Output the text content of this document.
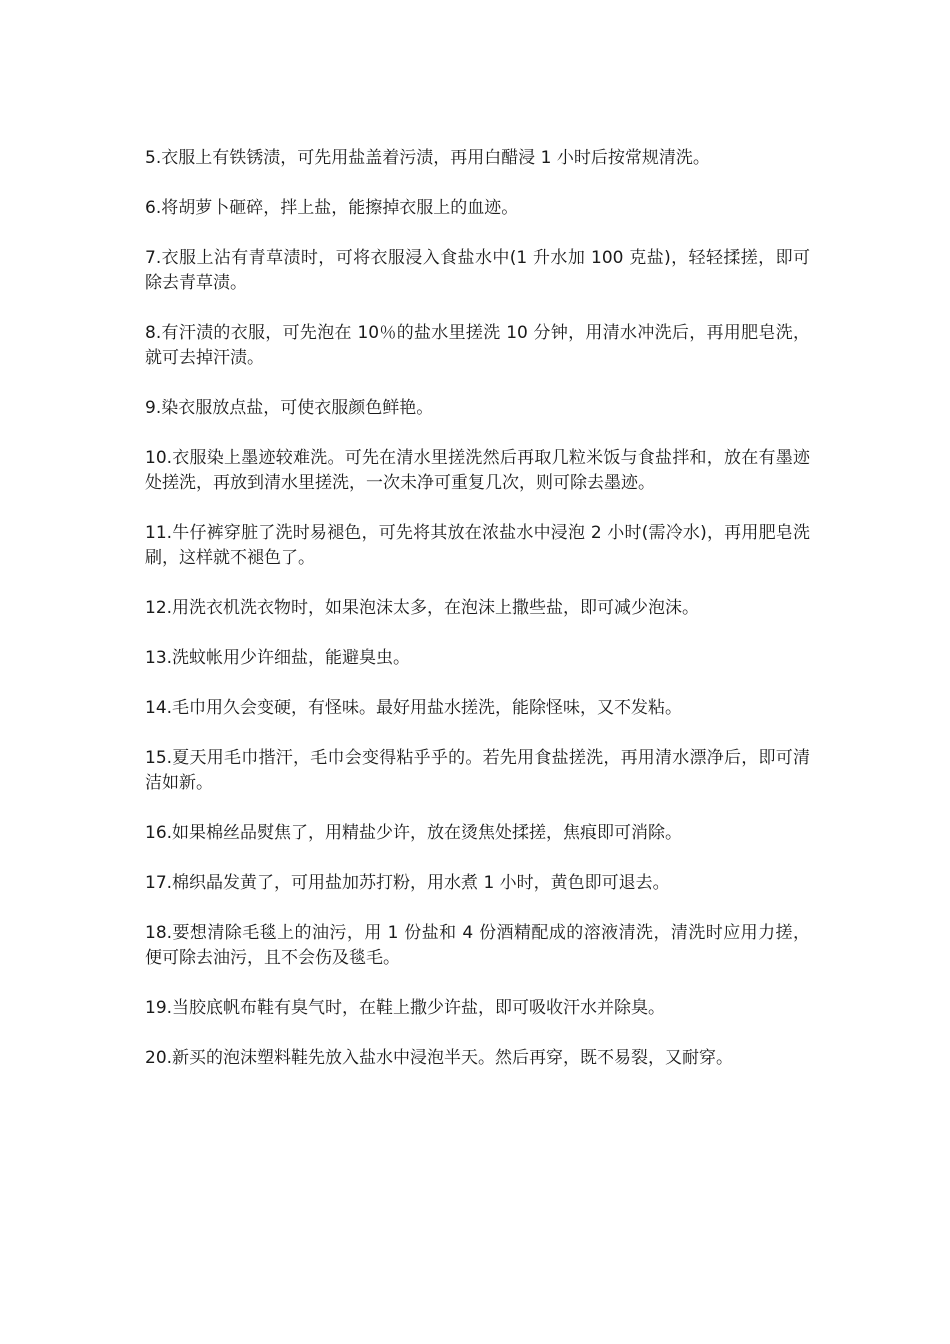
5.衣服上有铁锈渍，可先用盐盖着污渍，再用白醋浸 1 小时后按常规清洗。

6.将胡萝卜砸碎，拌上盐，能擦掉衣服上的血迹。

7.衣服上沾有青草渍时，可将衣服浸入食盐水中(1 升水加 100 克盐)，轻轻揉搓，即可除去青草渍。

8.有汗渍的衣服，可先泡在 10％的盐水里搓洗 10 分钟，用清水冲洗后，再用肥皂洗，就可去掉汗渍。

9.染衣服放点盐，可使衣服颜色鲜艳。

10.衣服染上墨迹较难洗。可先在清水里搓洗然后再取几粒米饭与食盐拌和，放在有墨迹处搓洗，再放到清水里搓洗，一次未净可重复几次，则可除去墨迹。

11.牛仔裤穿脏了洗时易褪色，可先将其放在浓盐水中浸泡 2 小时(需冷水)，再用肥皂洗刷，这样就不褪色了。

12.用洗衣机洗衣物时，如果泡沫太多，在泡沫上撒些盐，即可减少泡沫。

13.洗蚊帐用少许细盐，能避臭虫。

14.毛巾用久会变硬，有怪味。最好用盐水搓洗，能除怪味，又不发粘。

15.夏天用毛巾揩汗，毛巾会变得粘乎乎的。若先用食盐搓洗，再用清水漂净后，即可清洁如新。

16.如果棉丝品熨焦了，用精盐少许，放在烫焦处揉搓，焦痕即可消除。

17.棉织晶发黄了，可用盐加苏打粉，用水煮 1 小时，黄色即可退去。

18.要想清除毛毯上的油污，用 1 份盐和 4 份酒精配成的溶液清洗，清洗时应用力搓，便可除去油污，且不会伤及毯毛。

19.当胶底帆布鞋有臭气时，在鞋上撒少许盐，即可吸收汗水并除臭。

20.新买的泡沫塑料鞋先放入盐水中浸泡半天。然后再穿，既不易裂，又耐穿。
